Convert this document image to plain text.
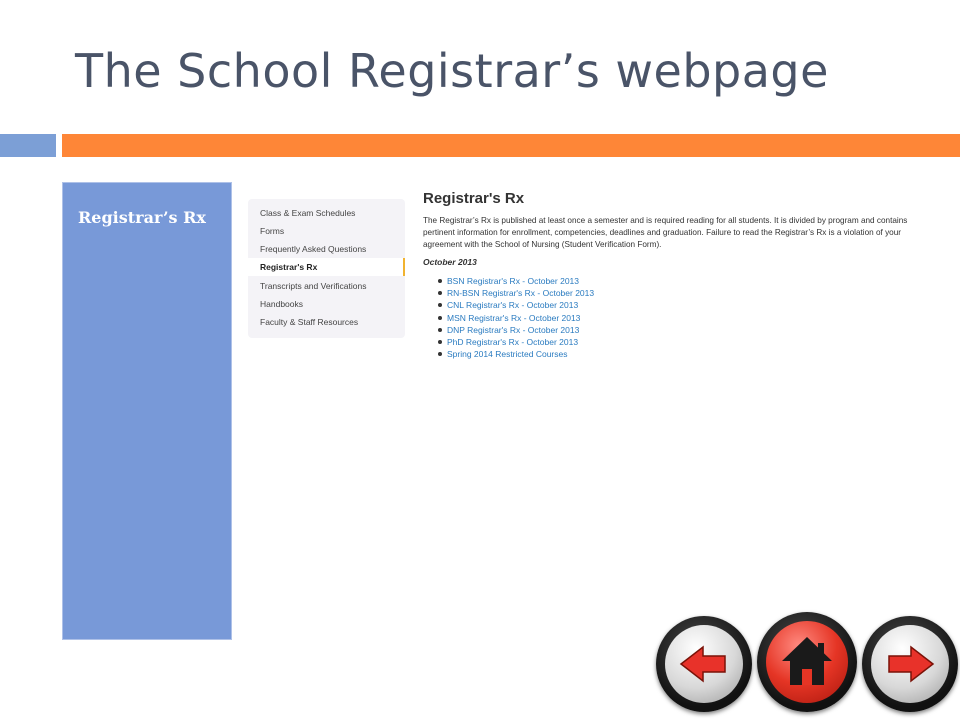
The School Registrar’s webpage
Registrar’s Rx	Class & Exam Schedules
Forms
Frequently Asked Questions
Registrar's Rx
Transcripts and Verifications
Handbooks
Faculty & Staff Resources
Registrar's Rx

The Registrar’s Rx is published at least once a semester and is required reading for all students. It is divided by program and contains pertinent information for enrollment, competencies, deadlines and graduation. Failure to read the Registrar’s Rx is a violation of your agreement with the School of Nursing (Student Verification Form).

October 2013

BSN Registrar's Rx - October 2013
RN-BSN Registrar's Rx - October 2013
CNL Registrar's Rx - October 2013
MSN Registrar's Rx - October 2013
DNP Registrar's Rx - October 2013
PhD Registrar's Rx - October 2013
Spring 2014 Restricted Courses
